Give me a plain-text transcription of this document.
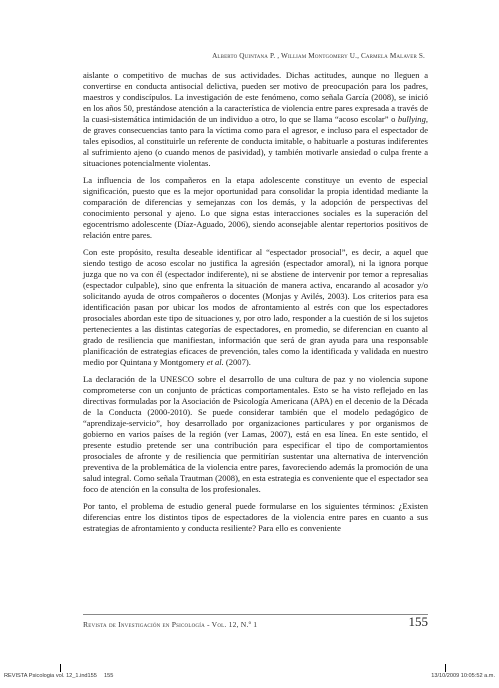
Alberto Quintana P. , William Montgomery U., Carmela Malaver S.

aislante o competitivo de muchas de sus actividades. Dichas actitudes, aunque no lleguen a convertirse en conducta antisocial delictiva, pueden ser motivo de preocupación para los padres, maestros y condiscípulos. La investigación de este fenómeno, como señala García (2008), se inició en los años 50, prestándose atención a la característica de violencia entre pares expresada a través de la cuasi-sistemática intimidación de un individuo a otro, lo que se llama “acoso escolar” o bullying, de graves consecuencias tanto para la víctima como para el agresor, e incluso para el espectador de tales episodios, al constituirle un referente de conducta imitable, o habituarle a posturas indiferentes al sufrimiento ajeno (o cuando menos de pasividad), y también motivarle ansiedad o culpa frente a situaciones potencialmente violentas.

La influencia de los compañeros en la etapa adolescente constituye un evento de especial significación, puesto que es la mejor oportunidad para consolidar la propia identidad mediante la comparación de diferencias y semejanzas con los demás, y la adopción de perspectivas del conocimiento personal y ajeno. Lo que signa estas interacciones sociales es la superación del egocentrismo adolescente (Díaz-Aguado, 2006), siendo aconsejable alentar repertorios positivos de relación entre pares.

Con este propósito, resulta deseable identificar al “espectador prosocial”, es decir, a aquel que siendo testigo de acoso escolar no justifica la agresión (espectador amoral), ni la ignora porque juzga que no va con él (espectador indiferente), ni se abstiene de intervenir por temor a represalias (espectador culpable), sino que enfrenta la situación de manera activa, encarando al acosador y/o solicitando ayuda de otros compañeros o docentes (Monjas y Avilés, 2003). Los criterios para esa identificación pasan por ubicar los modos de afrontamiento al estrés con que los espectadores prosociales abordan este tipo de situaciones y, por otro lado, responder a la cuestión de si los sujetos pertenecientes a las distintas categorías de espectadores, en promedio, se diferencian en cuanto al grado de resiliencia que manifiestan, información que será de gran ayuda para una responsable planificación de estrategias eficaces de prevención, tales como la identificada y validada en nuestro medio por Quintana y Montgomery et al. (2007).

La declaración de la UNESCO sobre el desarrollo de una cultura de paz y no violencia supone comprometerse con un conjunto de prácticas comportamentales. Esto se ha visto reflejado en las directivas formuladas por la Asociación de Psicología Americana (APA) en el decenio de la Década de la Conducta (2000-2010). Se puede considerar también que el modelo pedagógico de “aprendizaje-servicio”, hoy desarrollado por organizaciones particulares y por organismos de gobierno en varios países de la región (ver Lamas, 2007), está en esa línea. En este sentido, el presente estudio pretende ser una contribución para especificar el tipo de comportamientos prosociales de afronte y de resiliencia que permitirían sustentar una alternativa de intervención preventiva de la problemática de la violencia entre pares, favoreciendo además la promoción de una salud integral. Como señala Trautman (2008), en esta estrategia es conveniente que el espectador sea foco de atención en la consulta de los profesionales.

Por tanto, el problema de estudio general puede formularse en los siguientes términos: ¿Existen diferencias entre los distintos tipos de espectadores de la violencia entre pares en cuanto a sus estrategias de afrontamiento y conducta resiliente? Para ello es conveniente

Revista de Investigación en Psicología - Vol. 12, N.º 1	155
REVISTA Psicologia vol. 12_1.ind155 155	13/10/2009 10:05:52 a.m.
